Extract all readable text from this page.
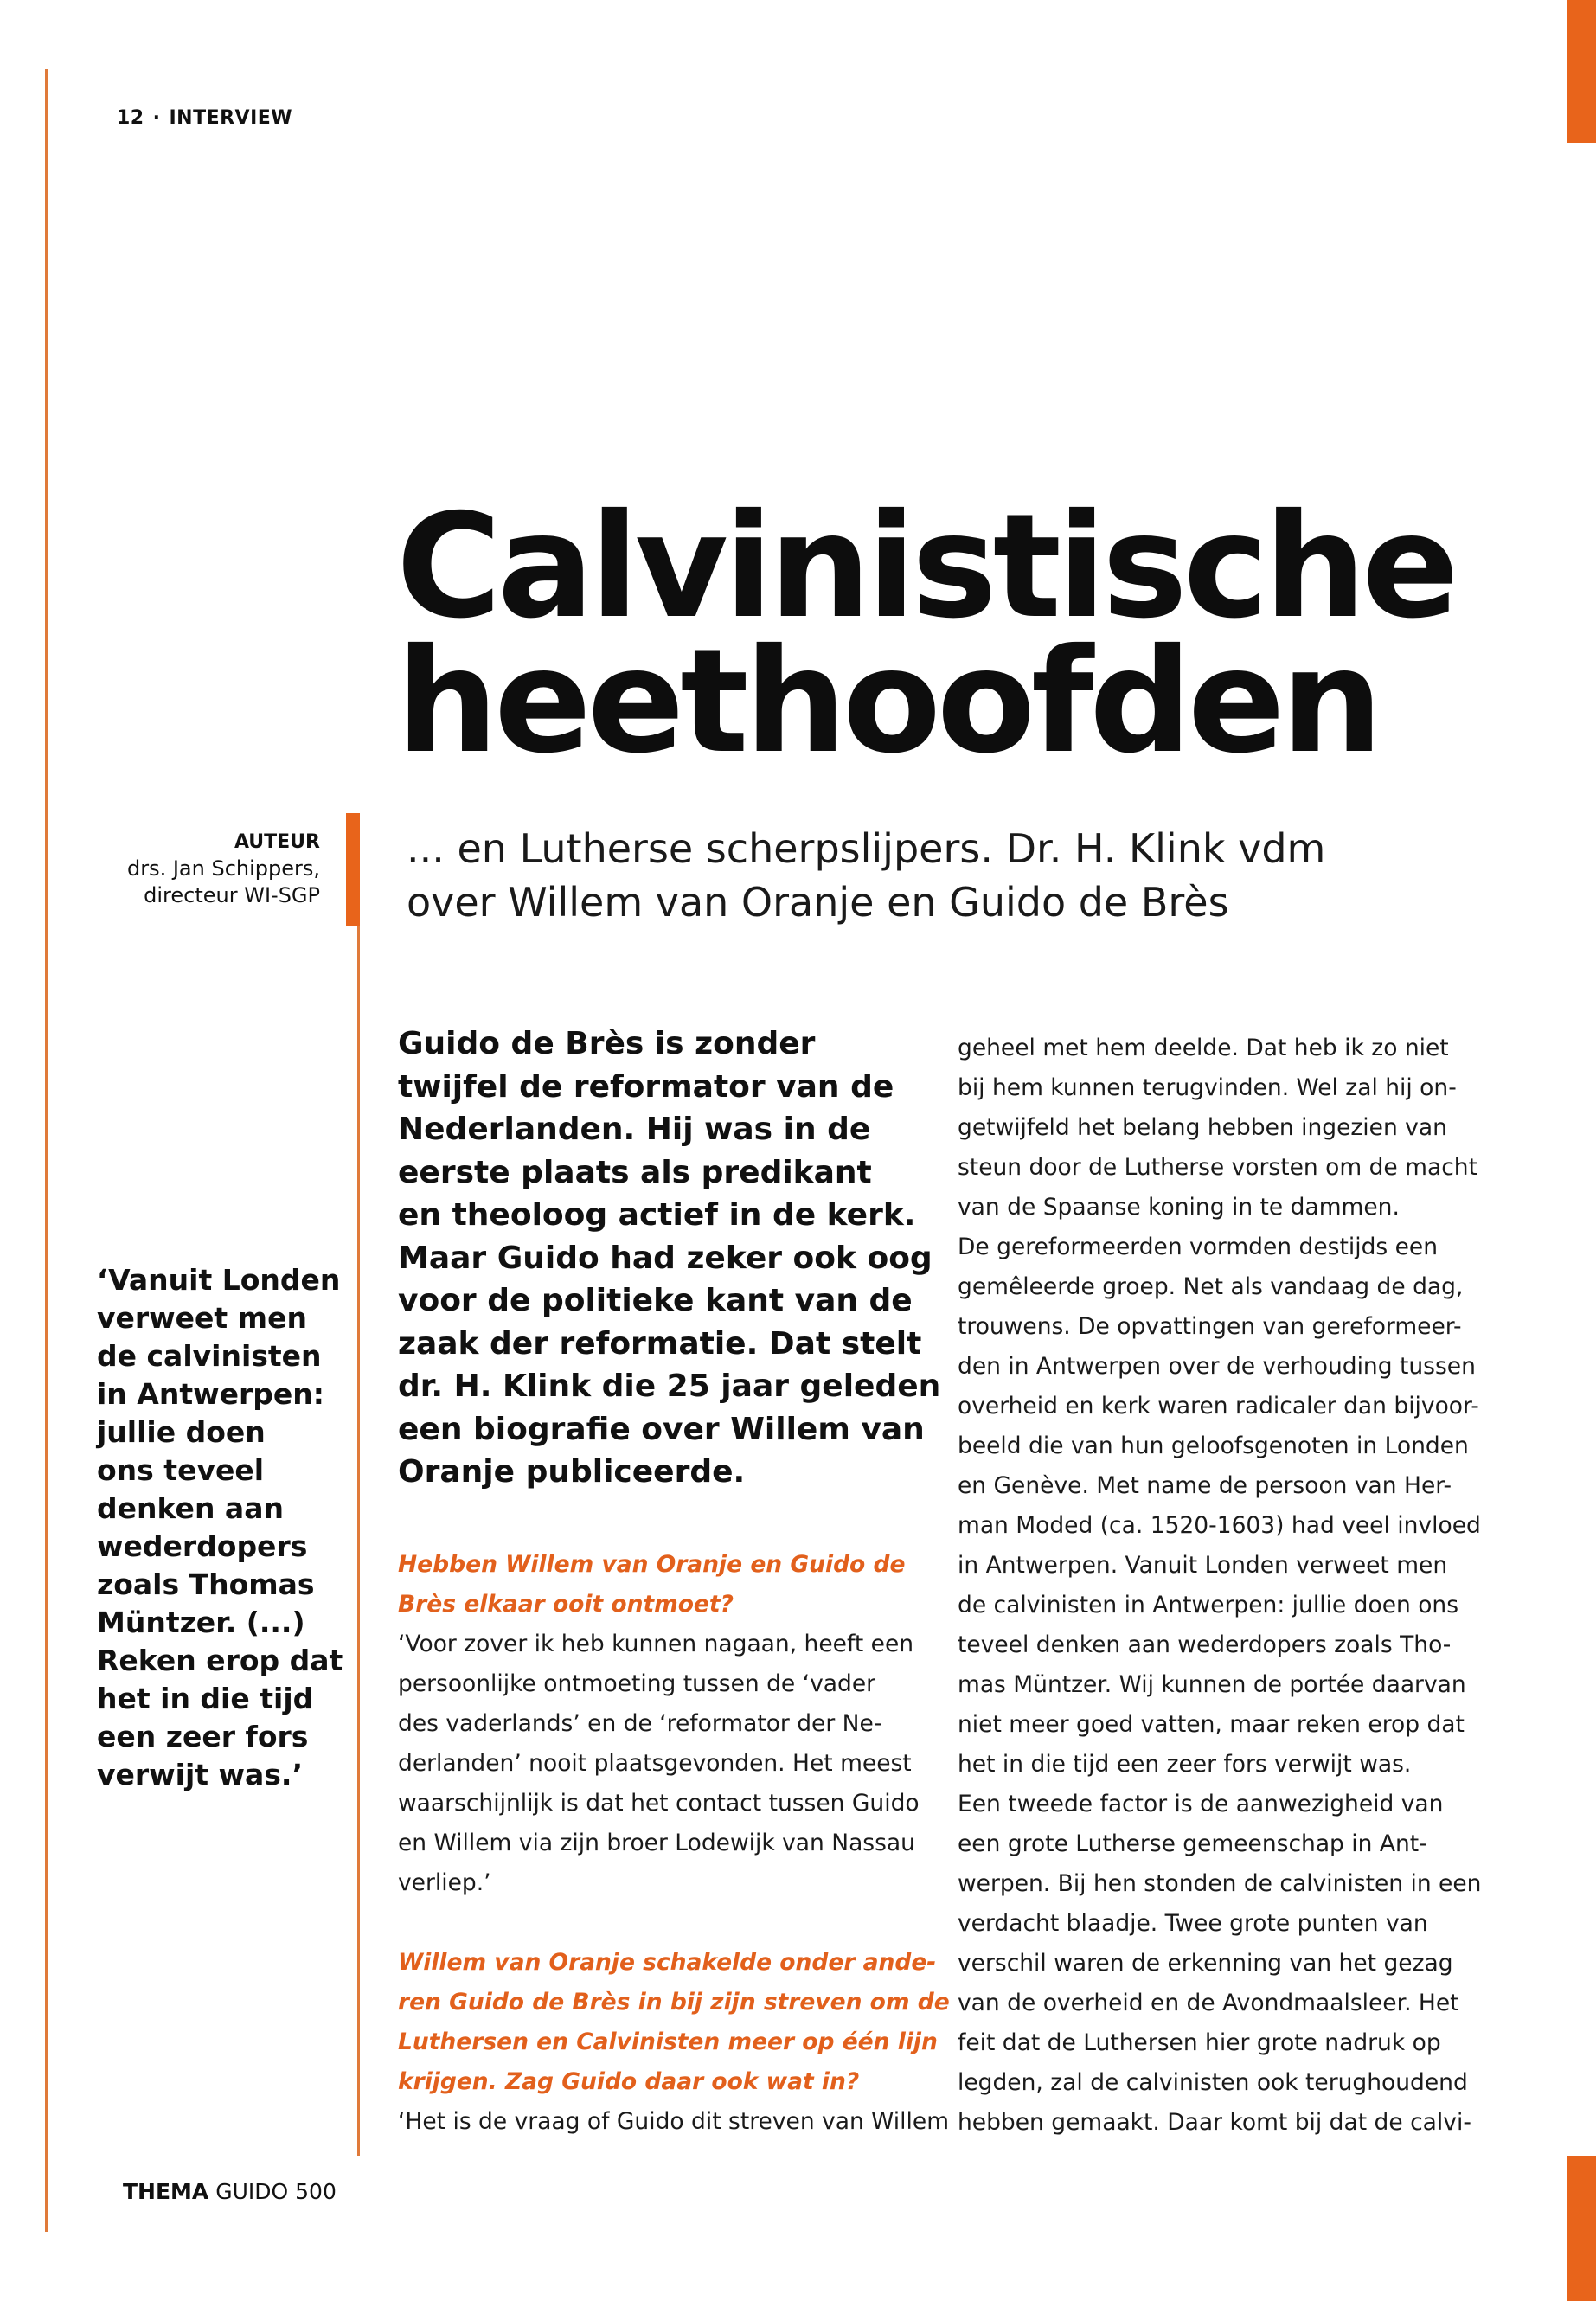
12 · INTERVIEW
Calvinistische
heethoofden
... en Lutherse scherpslijpers. Dr. H. Klink vdm
over Willem van Oranje en Guido de Brès
AUTEUR
drs. Jan Schippers,
directeur WI-SGP
‘Vanuit Londen
verweet men
de calvinisten
in Antwerpen:
jullie doen
ons teveel
denken aan
wederdopers
zoals Thomas
Müntzer. (...)
Reken erop dat
het in die tijd
een zeer fors
verwijt was.’
Guido de Brès is zonder
twijfel de reformator van de
Nederlanden. Hij was in de
eerste plaats als predikant
en theoloog actief in de kerk.
Maar Guido had zeker ook oog
voor de politieke kant van de
zaak der reformatie. Dat stelt
dr. H. Klink die 25 jaar geleden
een biografie over Willem van
Oranje publiceerde.
Hebben Willem van Oranje en Guido de
Brès elkaar ooit ontmoet?
‘Voor zover ik heb kunnen nagaan, heeft een
persoonlijke ontmoeting tussen de ‘vader
des vaderlands’ en de ‘reformator der Ne-
derlanden’ nooit plaatsgevonden. Het meest
waarschijnlijk is dat het contact tussen Guido
en Willem via zijn broer Lodewijk van Nassau
verliep.’
Willem van Oranje schakelde onder ande-
ren Guido de Brès in bij zijn streven om de
Luthersen en Calvinisten meer op één lijn
krijgen. Zag Guido daar ook wat in?
‘Het is de vraag of Guido dit streven van Willem
geheel met hem deelde. Dat heb ik zo niet
bij hem kunnen terugvinden. Wel zal hij on-
getwijfeld het belang hebben ingezien van
steun door de Lutherse vorsten om de macht
van de Spaanse koning in te dammen.
De gereformeerden vormden destijds een
gemêleerde groep. Net als vandaag de dag,
trouwens. De opvattingen van gereformeer-
den in Antwerpen over de verhouding tussen
overheid en kerk waren radicaler dan bijvoor-
beeld die van hun geloofsgenoten in Londen
en Genève. Met name de persoon van Her-
man Moded (ca. 1520-1603) had veel invloed
in Antwerpen. Vanuit Londen verweet men
de calvinisten in Antwerpen: jullie doen ons
teveel denken aan wederdopers zoals Tho-
mas Müntzer. Wij kunnen de portée daarvan
niet meer goed vatten, maar reken erop dat
het in die tijd een zeer fors verwijt was.
Een tweede factor is de aanwezigheid van
een grote Lutherse gemeenschap in Ant-
werpen. Bij hen stonden de calvinisten in een
verdacht blaadje. Twee grote punten van
verschil waren de erkenning van het gezag
van de overheid en de Avondmaalsleer. Het
feit dat de Luthersen hier grote nadruk op
legden, zal de calvinisten ook terughoudend
hebben gemaakt. Daar komt bij dat de calvi-
THEMA GUIDO 500
